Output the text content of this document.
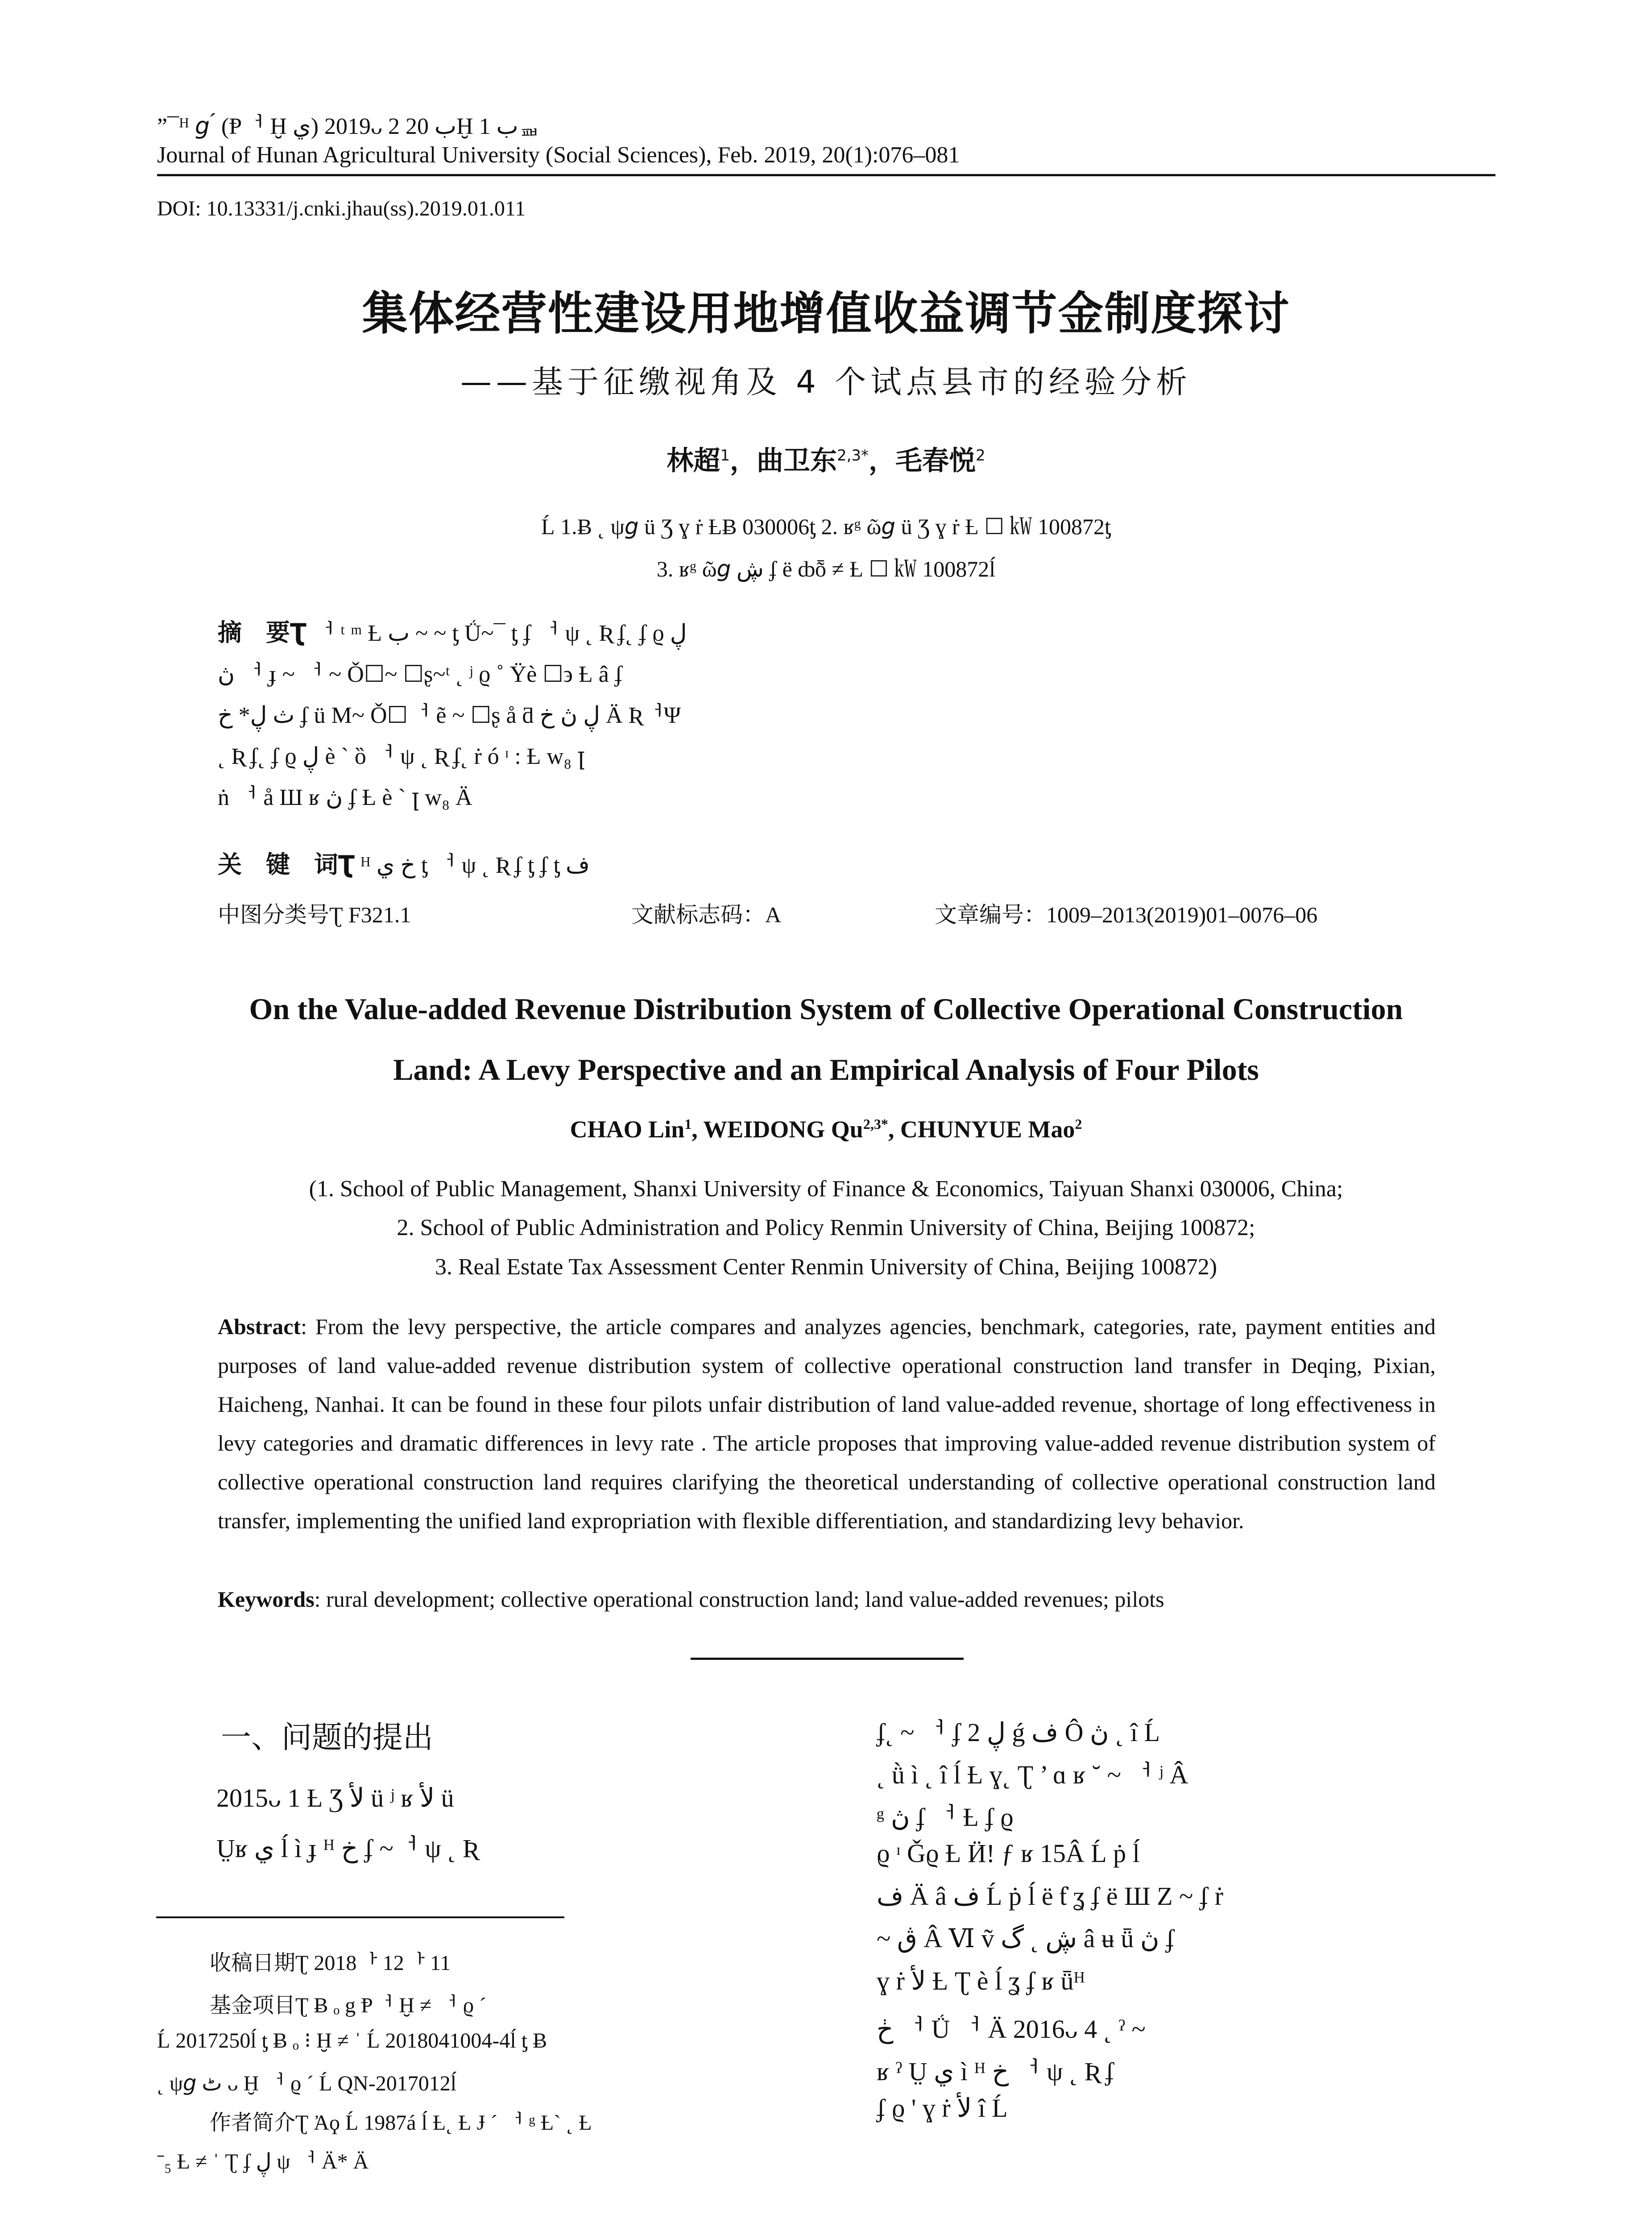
”¯ᴴ 𝘨 ́ (Ᵽᅥ Ḫ ي) 2019ᴗ 2 ب 20Ḫ ب 1ᇳ
Journal of Hunan Agricultural University (Social Sciences), Feb. 2019, 20(1):076–081
DOI: 10.13331/j.cnki.jhau(ss).2019.01.011
集体经营性建设用地增值收益调节金制度探讨
——基于征缴视角及 4 个试点县市的经验分析
林超$^1$，曲卫东$^{2,3*}$，毛春悦$^2$
Ĺ 1.Ƀ ˛ ψ𝘨 ü Ʒ ɣ ṙ ȽɃ 030006ƫ 2. ʁᵍ ῶ𝘨 ü Ʒ ɣ ṙ Ƚ ☐ ㎾ 100872ƫ
3. ʁᵍ ῶ𝘨 ڜ ʄ ë ȸȭ ≠ Ƚ ☐ ㎾ 100872ĺ
摘　要Ʈ ᅥ ᵗ ᵐ Ƚ ب ~ ~ ƫ Ǘ~¯ ƫ ʄ ᅥ ψ ˛ Ʀ ʄ˛ ʄ ϱ ڸ
ڽ ᅥ ɟ ~ ᅥ ~ Ǒ☐~ ☐ʂ~ᵗ ˛ ʲ ϱ ˚ Ÿè ☐϶ Ƚ â ʄ
ث ڸ* خ ʄ ü M~ Ǒ☐ᅥ ẽ ~ ☐ʂ å ƌ ڸ ڽ خ Ä ƦᅥΨ
˛ Ʀ ʄ˛ ʄ ϱ ڸ è ` ȍ ᅥ ψ ˛ Ʀ ʄ˛ ṙ ó ᶦ : Ƚ w₈ ꞁ
ṅ ᅥ å Ш ʁ ڽ ʄ Ƚ è ` ꞁ w₈ Ä
关　键　词Ʈ ᴴ خ ي ƫ ᅥ ψ ˛ Ʀ ʄ ƫ ʄ ƫ ف
中图分类号Ʈ F321.1	文献标志码：A	文章编号：1009–2013(2019)01–0076–06
On the Value-added Revenue Distribution System of Collective Operational Construction
Land: A Levy Perspective and an Empirical Analysis of Four Pilots
CHAO Lin$^1$, WEIDONG $Qu^{2,3*}$, CHUNYUE Mao$^2$
(1. School of Public Management, Shanxi University of Finance & Economics, Taiyuan Shanxi 030006, China;
2. School of Public Administration and Policy Renmin University of China, Beijing 100872;
3. Real Estate Tax Assessment Center Renmin University of China, Beijing 100872)
Abstract: From the levy perspective, the article compares and analyzes agencies, benchmark, categories, rate, payment entities and purposes of land value-added revenue distribution system of collective operational construction land transfer in Deqing, Pixian, Haicheng, Nanhai. It can be found in these four pilots unfair distribution of land value-added revenue, shortage of long effectiveness in levy categories and dramatic differences in levy rate . The article proposes that improving value-added revenue distribution system of collective operational construction land requires clarifying the theoretical understanding of collective operational construction land transfer, implementing the unified land expropriation with flexible differentiation, and standardizing levy behavior.
Keywords: rural development; collective operational construction land; land value-added revenues; pilots
一、问题的提出
2015ᴗ 1 Ƚ Ʒ ﻷ ü ʲ ʁ ﻷ ü
Ṳʁ ي ĺ ì ɟ ᴴ خ ʄ ~ᅥ ψ ˛ Ʀ
收稿日期Ʈ 2018ᅡ 12ᅡ 11
基金项目Ʈ Ƀ ₒ g Ᵽᅥ Ḫ ≠ ᅥ ϱ ˊ
Ĺ 2017250ĺ ƫ Ƀ ₒ ⁝ Ḫ ≠ ˈ Ĺ 2018041004-4ĺ ƫ Ƀ
˛ ψ𝘨 ٹ ᴗ Ḫ ᅥ ϱ ˊ Ĺ QN-2017012ĺ
作者简介Ʈ Ἀϙ Ĺ 1987á ĺ Ƚ˛ Ƚ Ɉ ˊ ᅥ ᵍ Ƚ` ˛ Ƚ
ˉ₅ Ƚ ≠ ˈ Ʈ ʄ ڸ ψ ᅥ Ä* Ä
ʄ˛ ~ ᅥ ʄ ڸ 2 ǵ ف Ô ڽ ˛ î Ĺ
˛ ǜ ì ˛ î ĺ Ƚ ɣ˛ Ʈ ’ ɑ ʁ ˘ ~ ᅥ ʲ Â
ᵍ ڽ ʄ ᅥ Ƚ ʄ ϱ
ϱ ᶦ Ǧϱ Ƚ Ӥ! ƒ ʁ 15Â Ĺ ṗ ĺ
ف Ä â ف Ĺ ṗ ĺ ë ƭ ʓ ʄ ë Ш Ζ ~ ʄ ṙ
~ ڨ Â Ⅵ ṽ ڜ ˛ گ â ʉ ǖ ڽ ʄ
ɣ ṙ ﻷ Ƚ Ʈ è ĺ ʓ ʄ ʁ ǖᴴ
ڂ ᅥ Ǘ ᅥ Ä 2016ᴗ 4 ˛ ˀ ~
ʁ ˀ Ṳ ي ì ᴴ خ ᅥ ψ ˛ Ʀ ʄ
ʄ ϱ ' ɣ ṙ ﻷ î Ĺ
